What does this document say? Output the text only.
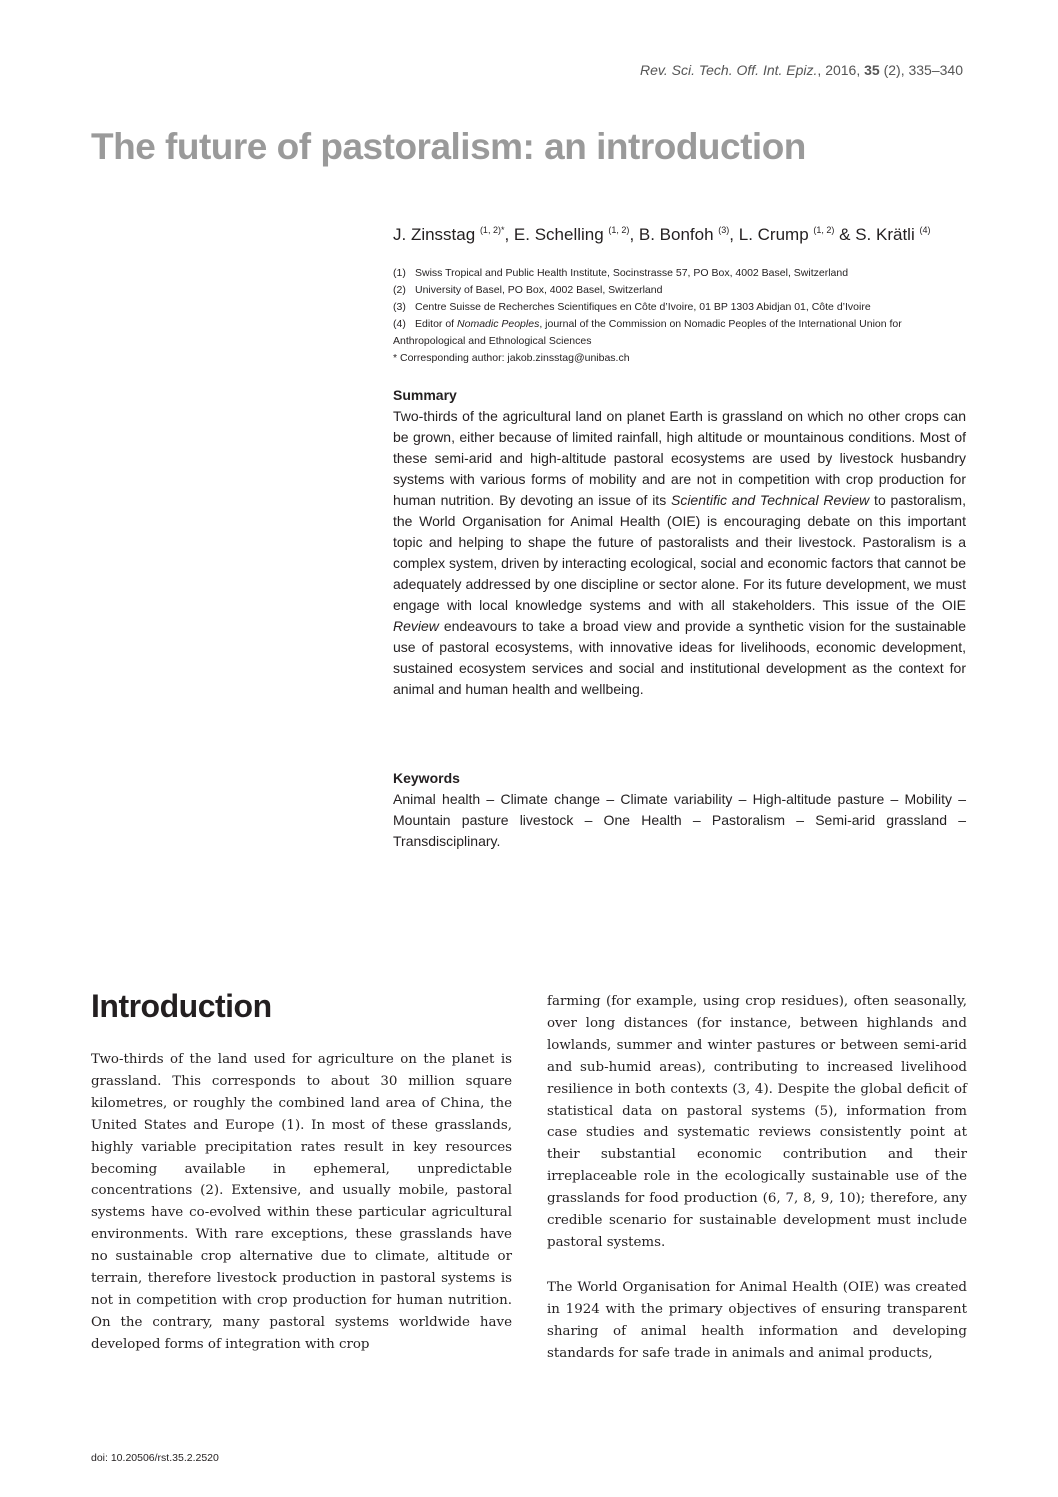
Rev. Sci. Tech. Off. Int. Epiz., 2016, 35 (2), 335–340
The future of pastoralism: an introduction
J. Zinsstag $^{(1, 2)*}$, E. Schelling $^{(1, 2)}$, B. Bonfoh $^{(3)}$, L. Crump $^{(1, 2)}$ & S. Krätli $^{(4)}$
(1) Swiss Tropical and Public Health Institute, Socinstrasse 57, PO Box, 4002 Basel, Switzerland
(2) University of Basel, PO Box, 4002 Basel, Switzerland
(3) Centre Suisse de Recherches Scientifiques en Côte d’Ivoire, 01 BP 1303 Abidjan 01, Côte d’Ivoire
(4) Editor of Nomadic Peoples, journal of the Commission on Nomadic Peoples of the International Union for Anthropological and Ethnological Sciences
* Corresponding author: jakob.zinsstag@unibas.ch
Summary
Two-thirds of the agricultural land on planet Earth is grassland on which no other crops can be grown, either because of limited rainfall, high altitude or mountainous conditions. Most of these semi-arid and high-altitude pastoral ecosystems are used by livestock husbandry systems with various forms of mobility and are not in competition with crop production for human nutrition. By devoting an issue of its Scientific and Technical Review to pastoralism, the World Organisation for Animal Health (OIE) is encouraging debate on this important topic and helping to shape the future of pastoralists and their livestock. Pastoralism is a complex system, driven by interacting ecological, social and economic factors that cannot be adequately addressed by one discipline or sector alone. For its future development, we must engage with local knowledge systems and with all stakeholders. This issue of the OIE Review endeavours to take a broad view and provide a synthetic vision for the sustainable use of pastoral ecosystems, with innovative ideas for livelihoods, economic development, sustained ecosystem services and social and institutional development as the context for animal and human health and wellbeing.
Keywords
Animal health – Climate change – Climate variability – High-altitude pasture – Mobility – Mountain pasture livestock – One Health – Pastoralism – Semi-arid grassland – Transdisciplinary.
Introduction

Two-thirds of the land used for agriculture on the planet is grassland. This corresponds to about 30 million square kilometres, or roughly the combined land area of China, the United States and Europe (1). In most of these grasslands, highly variable precipitation rates result in key resources becoming available in ephemeral, unpredictable concentrations (2). Extensive, and usually mobile, pastoral systems have co-evolved within these particular agricultural environments. With rare exceptions, these grasslands have no sustainable crop alternative due to climate, altitude or terrain, therefore livestock production in pastoral systems is not in competition with crop production for human nutrition. On the contrary, many pastoral systems worldwide have developed forms of integration with crop

farming (for example, using crop residues), often seasonally, over long distances (for instance, between highlands and lowlands, summer and winter pastures or between semi-arid and sub-humid areas), contributing to increased livelihood resilience in both contexts (3, 4). Despite the global deficit of statistical data on pastoral systems (5), information from case studies and systematic reviews consistently point at their substantial economic contribution and their irreplaceable role in the ecologically sustainable use of the grasslands for food production (6, 7, 8, 9, 10); therefore, any credible scenario for sustainable development must include pastoral systems.

The World Organisation for Animal Health (OIE) was created in 1924 with the primary objectives of ensuring transparent sharing of animal health information and developing standards for safe trade in animals and animal products,

doi: 10.20506/rst.35.2.2520
